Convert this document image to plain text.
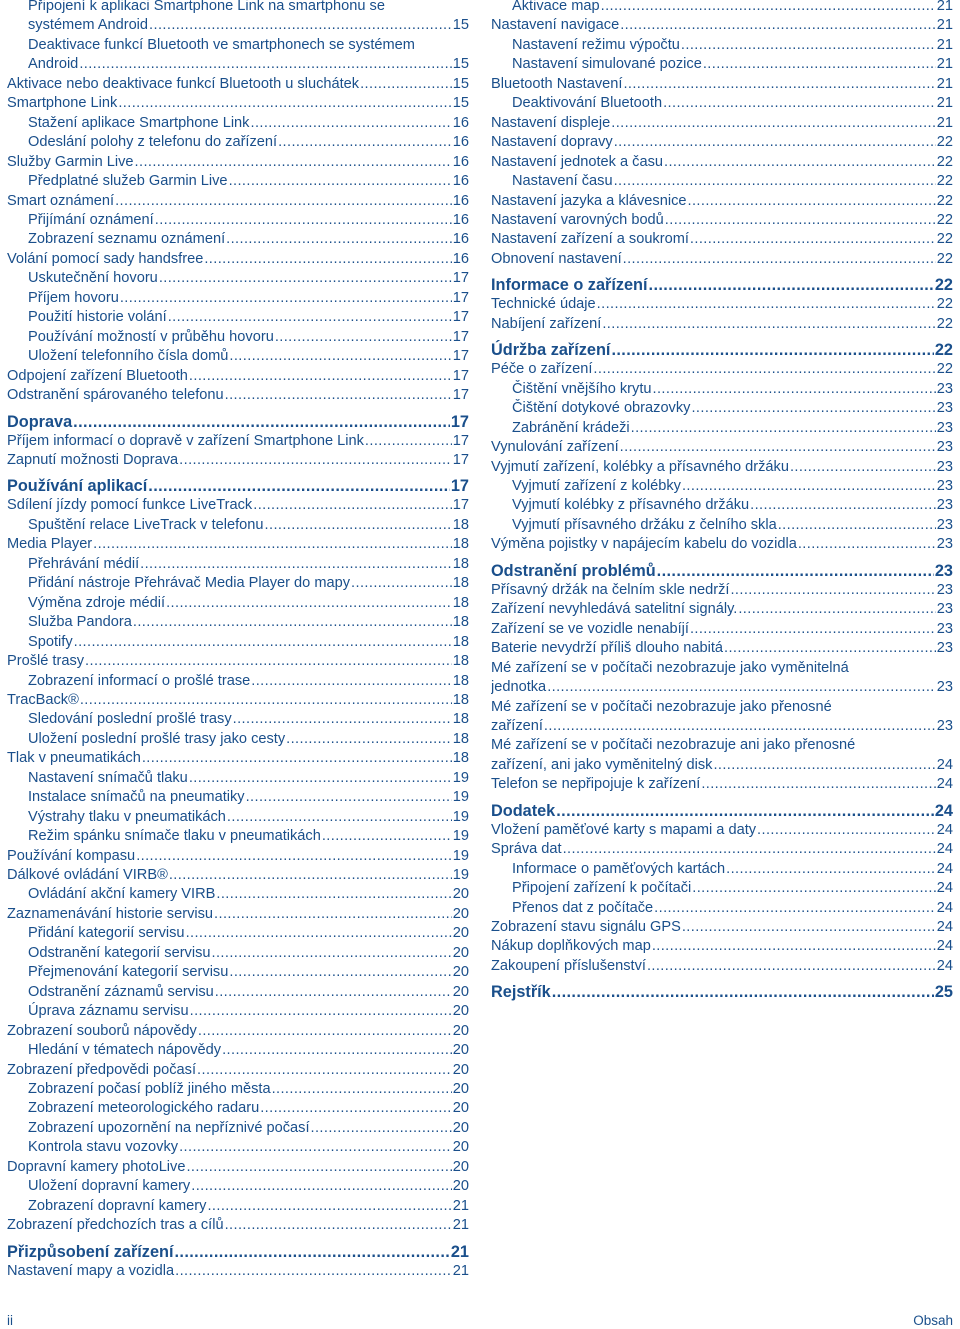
Připojení k aplikaci Smartphone Link na smartphonu se
systémem Android .....	15
Deaktivace funkcí Bluetooth ve smartphonech se systémem
Android .....	15
Aktivace nebo deaktivace funkcí Bluetooth u sluchátek .....	15
Smartphone Link .....	15
Stažení aplikace Smartphone Link .....	16
Odeslání polohy z telefonu do zařízení .....	16
Služby Garmin Live .....	16
Předplatné služeb Garmin Live .....	16
Smart oznámení .....	16
Přijímání oznámení .....	16
Zobrazení seznamu oznámení .....	16
Volání pomocí sady handsfree .....	16
Uskutečnění hovoru .....	17
Příjem hovoru .....	17
Použití historie volání .....	17
Používání možností v průběhu hovoru .....	17
Uložení telefonního čísla domů .....	17
Odpojení zařízení Bluetooth .....	17
Odstranění spárovaného telefonu .....	17
Doprava .....	17
Příjem informací o dopravě v zařízení Smartphone Link .....	17
Zapnutí možnosti Doprava .....	17
Používání aplikací .....	17
Sdílení jízdy pomocí funkce LiveTrack .....	17
Spuštění relace LiveTrack v telefonu .....	18
Media Player .....	18
Přehrávání médií .....	18
Přidání nástroje Přehrávač Media Player do mapy .....	18
Výměna zdroje médií .....	18
Služba Pandora .....	18
Spotify .....	18
Prošlé trasy .....	18
Zobrazení informací o prošlé trase .....	18
TracBack® .....	18
Sledování poslední prošlé trasy .....	18
Uložení poslední prošlé trasy jako cesty .....	18
Tlak v pneumatikách .....	18
Nastavení snímačů tlaku .....	19
Instalace snímačů na pneumatiky .....	19
Výstrahy tlaku v pneumatikách .....	19
Režim spánku snímače tlaku v pneumatikách .....	19
Používání kompasu .....	19
Dálkové ovládání VIRB® .....	19
Ovládání akční kamery VIRB .....	20
Zaznamenávání historie servisu .....	20
Přidání kategorií servisu .....	20
Odstranění kategorií servisu .....	20
Přejmenování kategorií servisu .....	20
Odstranění záznamů servisu .....	20
Úprava záznamu servisu .....	20
Zobrazení souborů nápovědy .....	20
Hledání v tématech nápovědy .....	20
Zobrazení předpovědi počasí .....	20
Zobrazení počasí poblíž jiného města .....	20
Zobrazení meteorologického radaru .....	20
Zobrazení upozornění na nepříznivé počasí .....	20
Kontrola stavu vozovky .....	20
Dopravní kamery photoLive .....	20
Uložení dopravní kamery .....	20
Zobrazení dopravní kamery .....	21
Zobrazení předchozích tras a cílů .....	21
Přizpůsobení zařízení .....	21
Nastavení mapy a vozidla .....	21
Aktivace map .....	21
Nastavení navigace .....	21
Nastavení režimu výpočtu .....	21
Nastavení simulované pozice .....	21
Bluetooth Nastavení .....	21
Deaktivování Bluetooth .....	21
Nastavení displeje .....	21
Nastavení dopravy .....	22
Nastavení jednotek a času .....	22
Nastavení času .....	22
Nastavení jazyka a klávesnice .....	22
Nastavení varovných bodů .....	22
Nastavení zařízení a soukromí .....	22
Obnovení nastavení .....	22
Informace o zařízení .....	22
Technické údaje .....	22
Nabíjení zařízení .....	22
Údržba zařízení .....	22
Péče o zařízení .....	22
Čištění vnějšího krytu .....	23
Čištění dotykové obrazovky .....	23
Zabránění krádeži .....	23
Vynulování zařízení .....	23
Vyjmutí zařízení, kolébky a přísavného držáku .....	23
Vyjmutí zařízení z kolébky .....	23
Vyjmutí kolébky z přísavného držáku .....	23
Vyjmutí přísavného držáku z čelního skla .....	23
Výměna pojistky v napájecím kabelu do vozidla .....	23
Odstranění problémů .....	23
Přísavný držák na čelním skle nedrží .....	23
Zařízení nevyhledává satelitní signály. .....	23
Zařízení se ve vozidle nenabíjí .....	23
Baterie nevydrží příliš dlouho nabitá .....	23
Mé zařízení se v počítači nezobrazuje jako vyměnitelná
jednotka .....	23
Mé zařízení se v počítači nezobrazuje jako přenosné
zařízení .....	23
Mé zařízení se v počítači nezobrazuje ani jako přenosné
zařízení, ani jako vyměnitelný disk .....	24
Telefon se nepřipojuje k zařízení .....	24
Dodatek .....	24
Vložení paměťové karty s mapami a daty .....	24
Správa dat .....	24
Informace o paměťových kartách .....	24
Připojení zařízení k počítači .....	24
Přenos dat z počítače .....	24
Zobrazení stavu signálu GPS .....	24
Nákup doplňkových map .....	24
Zakoupení příslušenství .....	24
Rejstřík .....	25
ii	Obsah
